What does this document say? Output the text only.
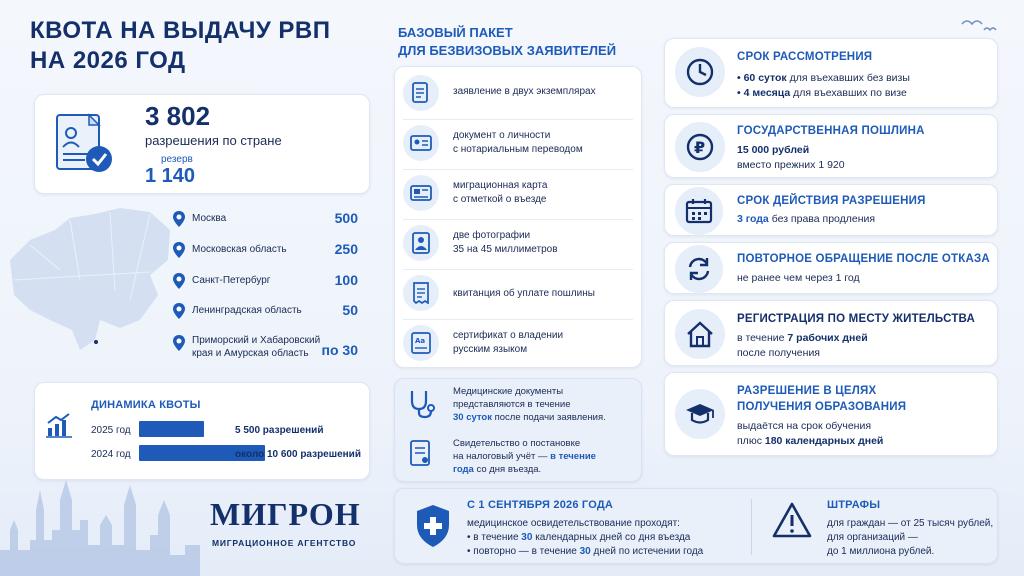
КВОТА НА ВЫДАЧУ РВП
НА 2026 ГОД
3 802
разрешения по стране
резерв
1 140
Москва	500
Московская область	250
Санкт-Петербург	100
Ленинградская область	50
Приморский и Хабаровский края и Амурская область по 30
ДИНАМИКА КВОТЫ
2025 год	5 500 разрешений
2024 год	около 10 600 разрешений
МИГРОН
МИГРАЦИОННОЕ АГЕНТСТВО
БАЗОВЫЙ ПАКЕТ
ДЛЯ БЕЗВИЗОВЫХ ЗАЯВИТЕЛЕЙ
заявление в двух экземплярах
документ о личности
с нотариальным переводом
миграционная карта
с отметкой о въезде
две фотографии
35 на 45 миллиметров
квитанция об уплате пошлины
Аа	сертификат о владении
русским языком
Медицинские документы
представляются в течение
30 суток после подачи заявления.
Свидетельство о постановке
на налоговый учёт — в течение
года со дня въезда.
СРОК РАССМОТРЕНИЯ
• 60 суток для въехавших без визы
• 4 месяца для въехавших по визе
₽
ГОСУДАРСТВЕННАЯ ПОШЛИНА
15 000 рублей
вместо прежних 1 920
СРОК ДЕЙСТВИЯ РАЗРЕШЕНИЯ
3 года без права продления
ПОВТОРНОЕ ОБРАЩЕНИЕ ПОСЛЕ ОТКАЗА
не ранее чем через 1 год
РЕГИСТРАЦИЯ ПО МЕСТУ ЖИТЕЛЬСТВА
в течение 7 рабочих дней
после получения
РАЗРЕШЕНИЕ В ЦЕЛЯХ
ПОЛУЧЕНИЯ ОБРАЗОВАНИЯ
выдаётся на срок обучения
плюс 180 календарных дней
С 1 СЕНТЯБРЯ 2026 ГОДА
медицинское освидетельствование проходят:
• в течение 30 календарных дней со дня въезда
• повторно — в течение 30 дней по истечении года
ШТРАФЫ
для граждан — от 25 тысяч рублей,
для организаций —
до 1 миллиона рублей.
